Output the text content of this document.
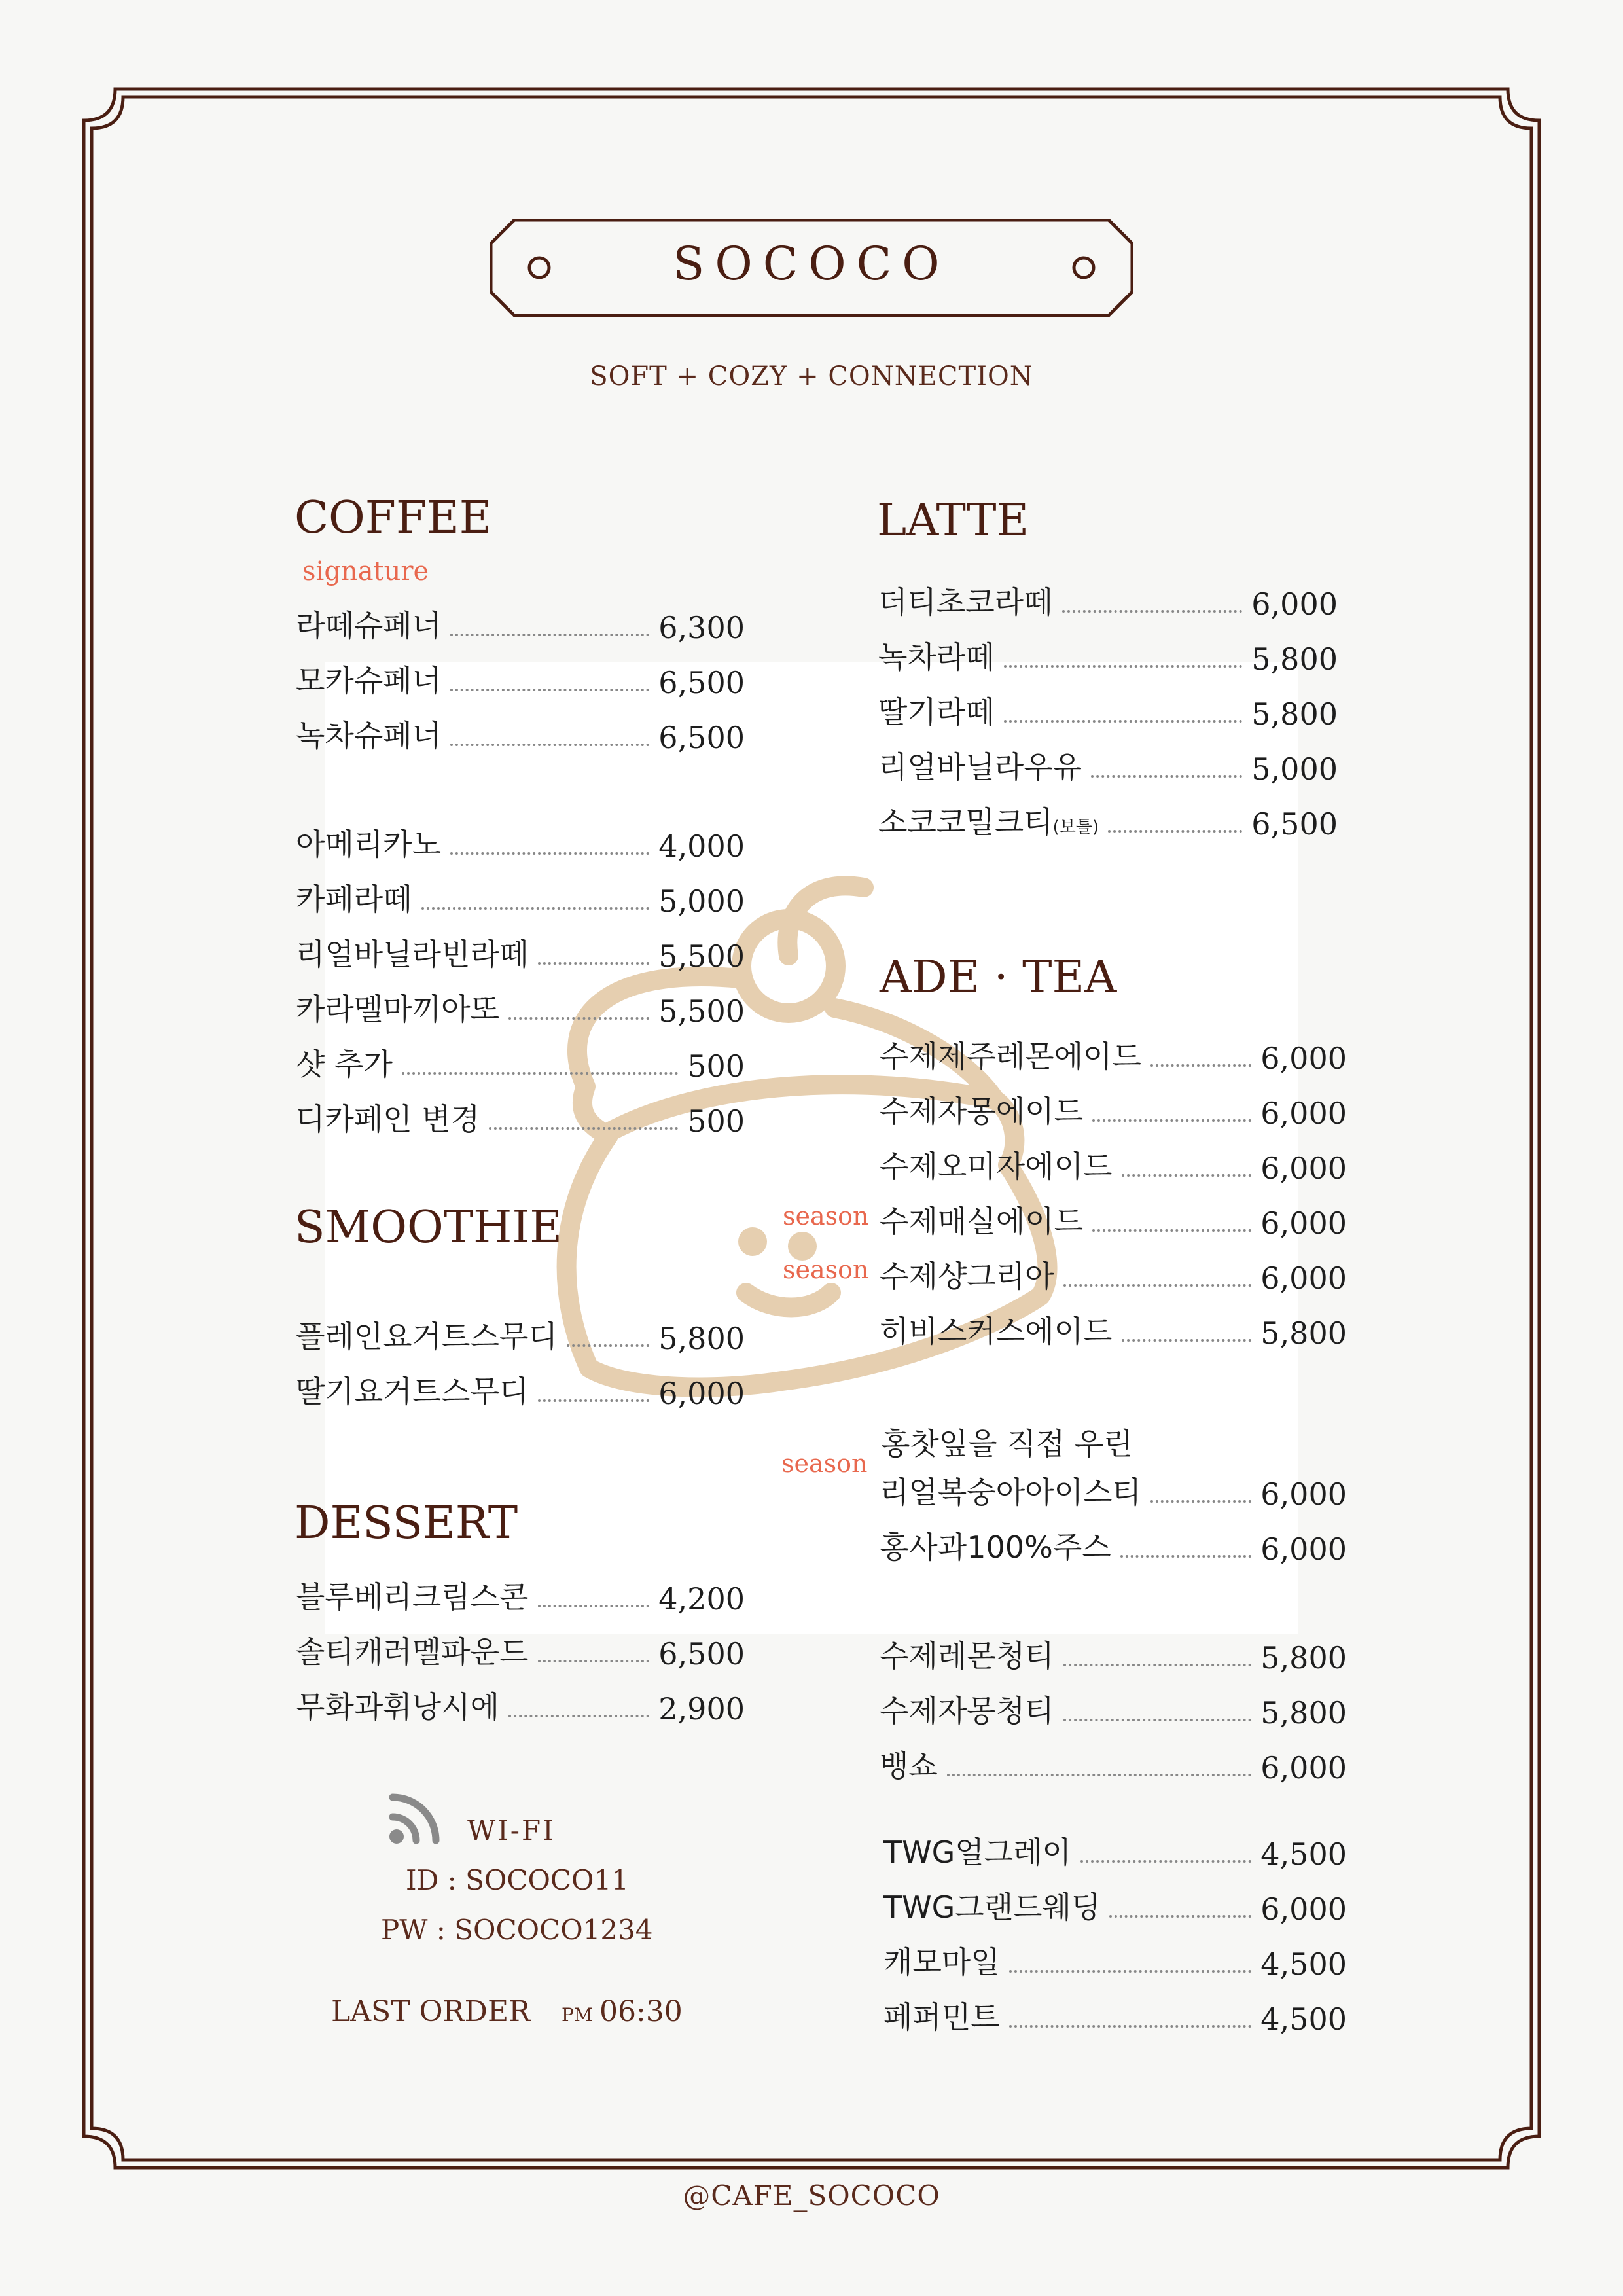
SOCOCO
SOFT + COZY + CONNECTION
COFFEE
signature
SMOOTHIE
DESSERT
LATTE
ADE · TEA
라떼슈페너	6,300
모카슈페너	6,500
녹차슈페너	6,500
아메리카노	4,000
카페라떼	5,000
리얼바닐라빈라떼	5,500
카라멜마끼아또	5,500
샷 추가	500
디카페인 변경	500
플레인요거트스무디	5,800
딸기요거트스무디	6,000
블루베리크림스콘	4,200
솔티캐러멜파운드	6,500
무화과휘낭시에	2,900
더티초코라떼	6,000
녹차라떼	5,800
딸기라떼	5,800
리얼바닐라우유	5,000
소코코밀크티(보틀)	6,500
수제제주레몬에이드	6,000
수제자몽에이드	6,000
수제오미자에이드	6,000
season 수제매실에이드	6,000
season 수제샹그리아	6,000
히비스커스에이드	5,800
홍찻잎을 직접 우린
season
리얼복숭아아이스티	6,000
홍사과100%주스	6,000
수제레몬청티	5,800
수제자몽청티	5,800
뱅쇼	6,000
TWG얼그레이	4,500
TWG그랜드웨딩	6,000
캐모마일	4,500
페퍼민트	4,500
WI-FI
ID : SOCOCO11
PW : SOCOCO1234
LAST ORDER PM 06:30
@CAFE_SOCOCO
